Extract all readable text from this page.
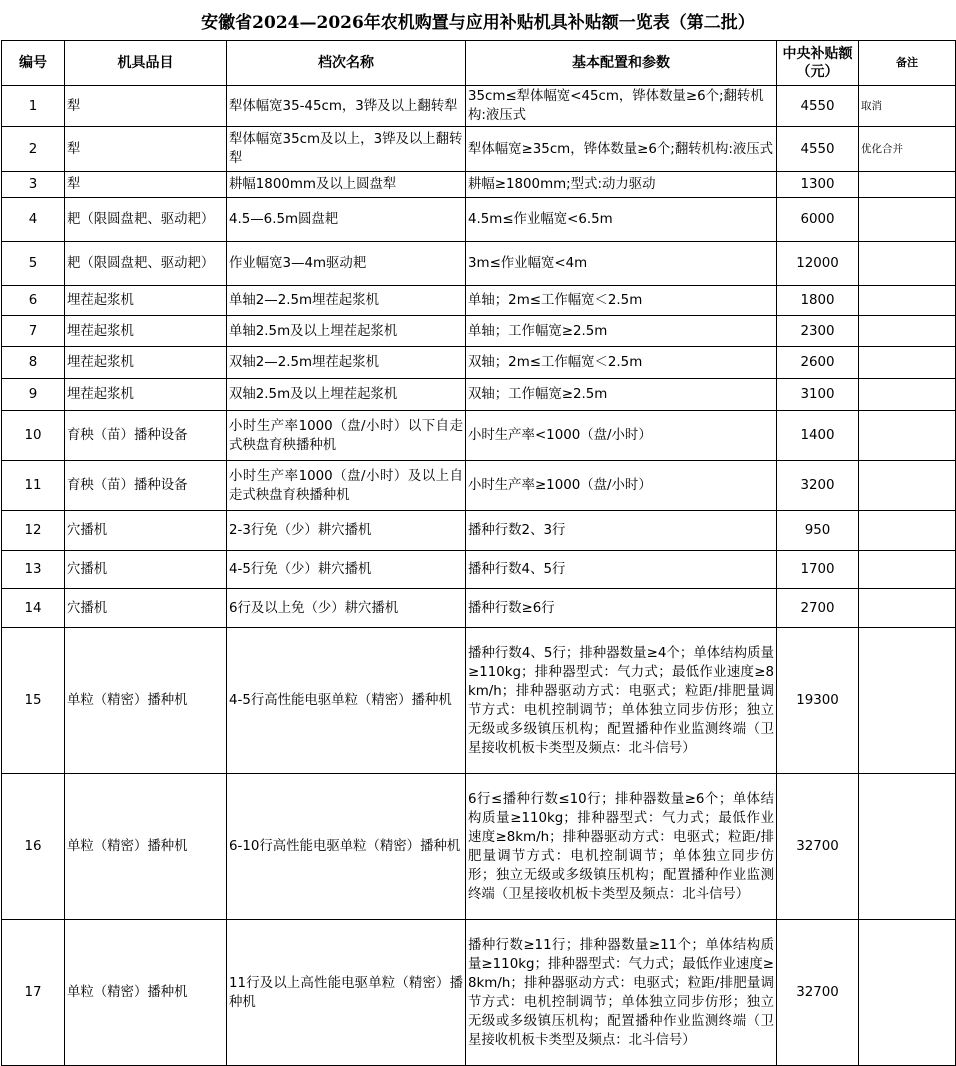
安徽省2024—2026年农机购置与应用补贴机具补贴额一览表（第二批）
编号	机具品目	档次名称	基本配置和参数	中央补贴额（元）	备注
1	犁	犁体幅宽35-45cm，3铧及以上翻转犁	35cm≤犁体幅宽<45cm，铧体数量≥6个;翻转机构:液压式	4550	取消
2	犁	犁体幅宽35cm及以上，3铧及以上翻转犁	犁体幅宽≥35cm，铧体数量≥6个;翻转机构:液压式	4550	优化合并
3	犁	耕幅1800mm及以上圆盘犁	耕幅≥1800mm;型式:动力驱动	1300	
4	耙（限圆盘耙、驱动耙）	4.5—6.5m圆盘耙	4.5m≤作业幅宽<6.5m	6000	
5	耙（限圆盘耙、驱动耙）	作业幅宽3—4m驱动耙	3m≤作业幅宽<4m	12000	
6	埋茬起浆机	单轴2—2.5m埋茬起浆机	单轴；2m≤工作幅宽＜2.5m	1800	
7	埋茬起浆机	单轴2.5m及以上埋茬起浆机	单轴；工作幅宽≥2.5m	2300	
8	埋茬起浆机	双轴2—2.5m埋茬起浆机	双轴；2m≤工作幅宽＜2.5m	2600	
9	埋茬起浆机	双轴2.5m及以上埋茬起浆机	双轴；工作幅宽≥2.5m	3100	
10	育秧（苗）播种设备	小时生产率1000（盘/小时）以下自走式秧盘育秧播种机	小时生产率<1000（盘/小时）	1400	
11	育秧（苗）播种设备	小时生产率1000（盘/小时）及以上自走式秧盘育秧播种机	小时生产率≥1000（盘/小时）	3200	
12	穴播机	2-3行免（少）耕穴播机	播种行数2、3行	950	
13	穴播机	4-5行免（少）耕穴播机	播种行数4、5行	1700	
14	穴播机	6行及以上免（少）耕穴播机	播种行数≥6行	2700	
15	单粒（精密）播种机	4-5行高性能电驱单粒（精密）播种机	播种行数4、5行；排种器数量≥4个；单体结构质量≥110kg；排种器型式：气力式；最低作业速度≥8km/h；排种器驱动方式：电驱式；粒距/排肥量调节方式：电机控制调节；单体独立同步仿形；独立无级或多级镇压机构；配置播种作业监测终端（卫星接收机板卡类型及频点：北斗信号）	19300	
16	单粒（精密）播种机	6-10行高性能电驱单粒（精密）播种机	6行≤播种行数≤10行；排种器数量≥6个；单体结构质量≥110kg；排种器型式：气力式；最低作业速度≥8km/h；排种器驱动方式：电驱式；粒距/排肥量调节方式：电机控制调节；单体独立同步仿形；独立无级或多级镇压机构；配置播种作业监测终端（卫星接收机板卡类型及频点：北斗信号）	32700	
17	单粒（精密）播种机	11行及以上高性能电驱单粒（精密）播种机	播种行数≥11行；排种器数量≥11个；单体结构质量≥110kg；排种器型式：气力式；最低作业速度≥8km/h；排种器驱动方式：电驱式；粒距/排肥量调节方式：电机控制调节；单体独立同步仿形；独立无级或多级镇压机构；配置播种作业监测终端（卫星接收机板卡类型及频点：北斗信号）	32700	
